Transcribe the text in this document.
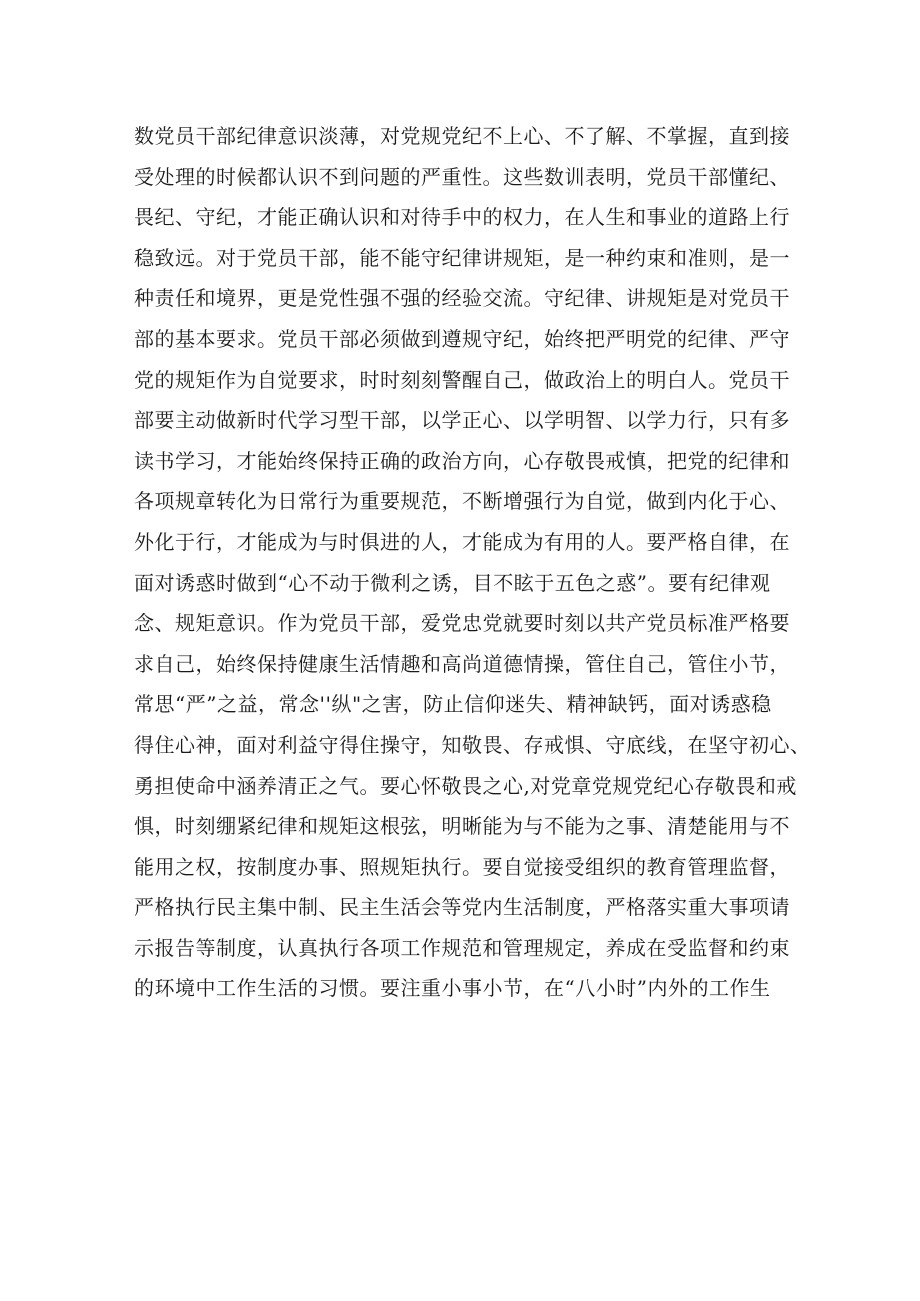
数党员干部纪律意识淡薄，对党规党纪不上心、不了解、不掌握，直到接
受处理的时候都认识不到问题的严重性。这些数训表明，党员干部懂纪、
畏纪、守纪，才能正确认识和对待手中的权力，在人生和事业的道路上行
稳致远。对于党员干部，能不能守纪律讲规矩，是一种约束和准则，是一
种责任和境界，更是党性强不强的经验交流。守纪律、讲规矩是对党员干
部的基本要求。党员干部必须做到遵规守纪，始终把严明党的纪律、严守
党的规矩作为自觉要求，时时刻刻警醒自己，做政治上的明白人。党员干
部要主动做新时代学习型干部，以学正心、以学明智、以学力行，只有多
读书学习，才能始终保持正确的政治方向，心存敬畏戒慎，把党的纪律和
各项规章转化为日常行为重要规范，不断增强行为自觉，做到内化于心、
外化于行，才能成为与时俱进的人，才能成为有用的人。要严格自律，在
面对诱惑时做到“心不动于微利之诱，目不眩于五色之惑”。要有纪律观
念、规矩意识。作为党员干部，爱党忠党就要时刻以共产党员标准严格要
求自己，始终保持健康生活情趣和高尚道德情操，管住自己，管住小节，
常思“严”之益，常念''纵"之害，防止信仰迷失、精神缺钙，面对诱惑稳
得住心神，面对利益守得住操守，知敬畏、存戒惧、守底线，在坚守初心、
勇担使命中涵养清正之气。要心怀敬畏之心,对党章党规党纪心存敬畏和戒
惧，时刻绷紧纪律和规矩这根弦，明晰能为与不能为之事、清楚能用与不
能用之权，按制度办事、照规矩执行。要自觉接受组织的教育管理监督，
严格执行民主集中制、民主生活会等党内生活制度，严格落实重大事项请
示报告等制度，认真执行各项工作规范和管理规定，养成在受监督和约束
的环境中工作生活的习惯。要注重小事小节，在“八小时”内外的工作生
